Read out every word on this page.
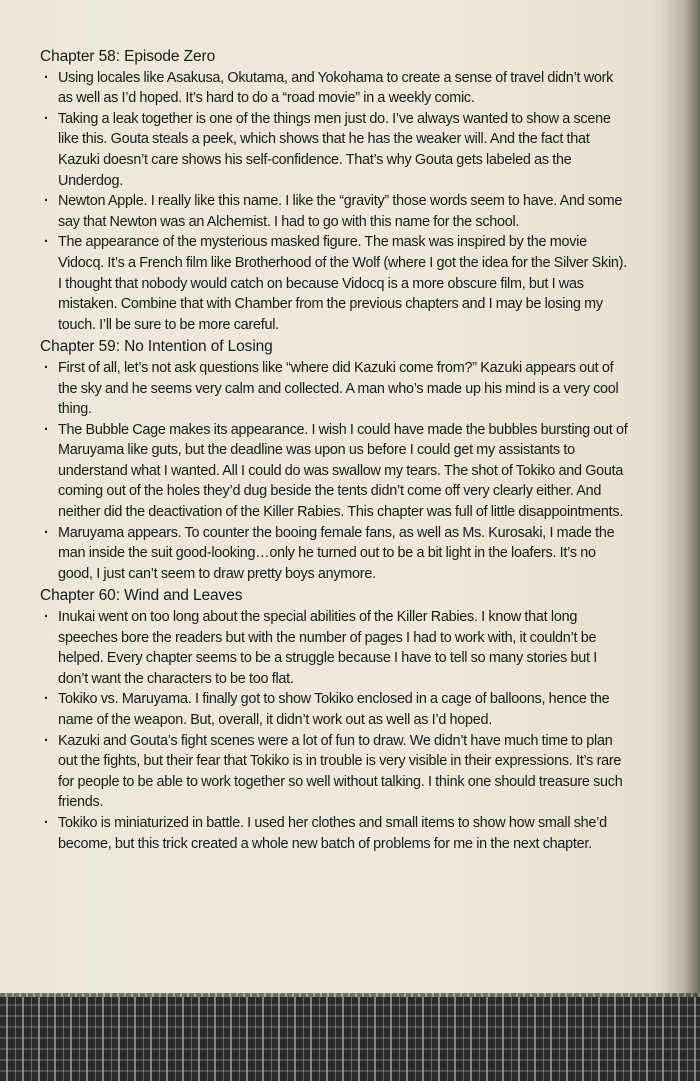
Chapter 58: Episode Zero
· Using locales like Asakusa, Okutama, and Yokohama to create a sense of travel didn’t work as well as I’d hoped. It’s hard to do a “road movie” in a weekly comic.
· Taking a leak together is one of the things men just do. I’ve always wanted to show a scene like this. Gouta steals a peek, which shows that he has the weaker will. And the fact that Kazuki doesn’t care shows his self-confidence. That’s why Gouta gets labeled as the Underdog.
· Newton Apple. I really like this name. I like the “gravity” those words seem to have. And some say that Newton was an Alchemist. I had to go with this name for the school.
· The appearance of the mysterious masked figure. The mask was inspired by the movie Vidocq. It’s a French film like Brotherhood of the Wolf (where I got the idea for the Silver Skin). I thought that nobody would catch on because Vidocq is a more obscure film, but I was mistaken. Combine that with Chamber from the previous chapters and I may be losing my touch. I’ll be sure to be more careful.
Chapter 59: No Intention of Losing
· First of all, let’s not ask questions like “where did Kazuki come from?” Kazuki appears out of the sky and he seems very calm and collected. A man who’s made up his mind is a very cool thing.
· The Bubble Cage makes its appearance. I wish I could have made the bubbles bursting out of Maruyama like guts, but the deadline was upon us before I could get my assistants to understand what I wanted. All I could do was swallow my tears. The shot of Tokiko and Gouta coming out of the holes they’d dug beside the tents didn’t come off very clearly either. And neither did the deactivation of the Killer Rabies. This chapter was full of little disappointments.
· Maruyama appears. To counter the booing female fans, as well as Ms. Kurosaki, I made the man inside the suit good-looking…only he turned out to be a bit light in the loafers. It’s no good, I just can’t seem to draw pretty boys anymore.
Chapter 60: Wind and Leaves
· Inukai went on too long about the special abilities of the Killer Rabies. I know that long speeches bore the readers but with the number of pages I had to work with, it couldn’t be helped. Every chapter seems to be a struggle because I have to tell so many stories but I don’t want the characters to be too flat.
· Tokiko vs. Maruyama. I finally got to show Tokiko enclosed in a cage of balloons, hence the name of the weapon. But, overall, it didn’t work out as well as I’d hoped.
· Kazuki and Gouta’s fight scenes were a lot of fun to draw. We didn’t have much time to plan out the fights, but their fear that Tokiko is in trouble is very visible in their expressions. It’s rare for people to be able to work together so well without talking. I think one should treasure such friends.
· Tokiko is miniaturized in battle. I used her clothes and small items to show how small she’d become, but this trick created a whole new batch of problems for me in the next chapter.
